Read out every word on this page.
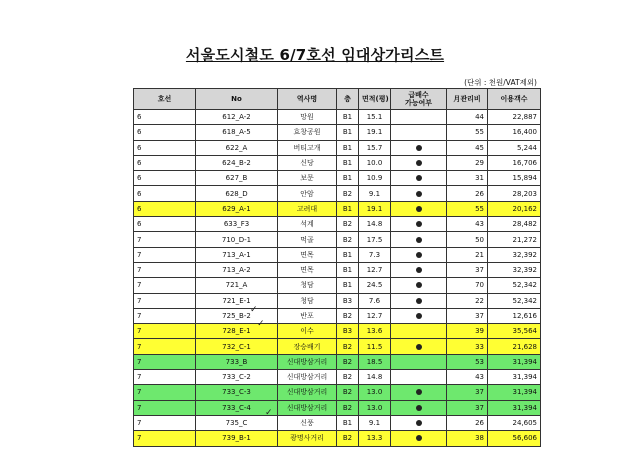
서울도시철도 6/7호선 임대상가리스트
(단위 : 천원/VAT제외)
호선	No	역사명	층	면적(평)	급배수
가능여부	月관리비	이용객수
6	612_A-2	망원	B1	15.1		44	22,887
6	618_A-5	효창공원	B1	19.1		55	16,400
6	622_A	버티고개	B1	15.7		45	5,244
6	624_B-2	신당	B1	10.0		29	16,706
6	627_B	보문	B1	10.9		31	15,894
6	628_D	안암	B2	9.1		26	28,203
6	629_A-1	고려대	B1	19.1		55	20,162
6	633_F3	석계	B2	14.8		43	28,482
7	710_D-1	먹골	B2	17.5		50	21,272
7	713_A-1	면목	B1	7.3		21	32,392
7	713_A-2	면목	B1	12.7		37	32,392
7	721_A	청담	B1	24.5		70	52,342
7	721_E-1	청담	B3	7.6		22	52,342
7	725_B-2	반포	B2	12.7		37	12,616
7	728_E-1	이수	B3	13.6		39	35,564
7	732_C-1	장승배기	B2	11.5		33	21,628
7	733_B	신대방삼거리	B2	18.5		53	31,394
7	733_C-2	신대방삼거리	B2	14.8		43	31,394
7	733_C-3	신대방삼거리	B2	13.0		37	31,394
7	733_C-4	신대방삼거리	B2	13.0		37	31,394
7	735_C	신풍	B1	9.1		26	24,605
7	739_B-1	광명사거리	B2	13.3		38	56,606
✓
✓
✓
